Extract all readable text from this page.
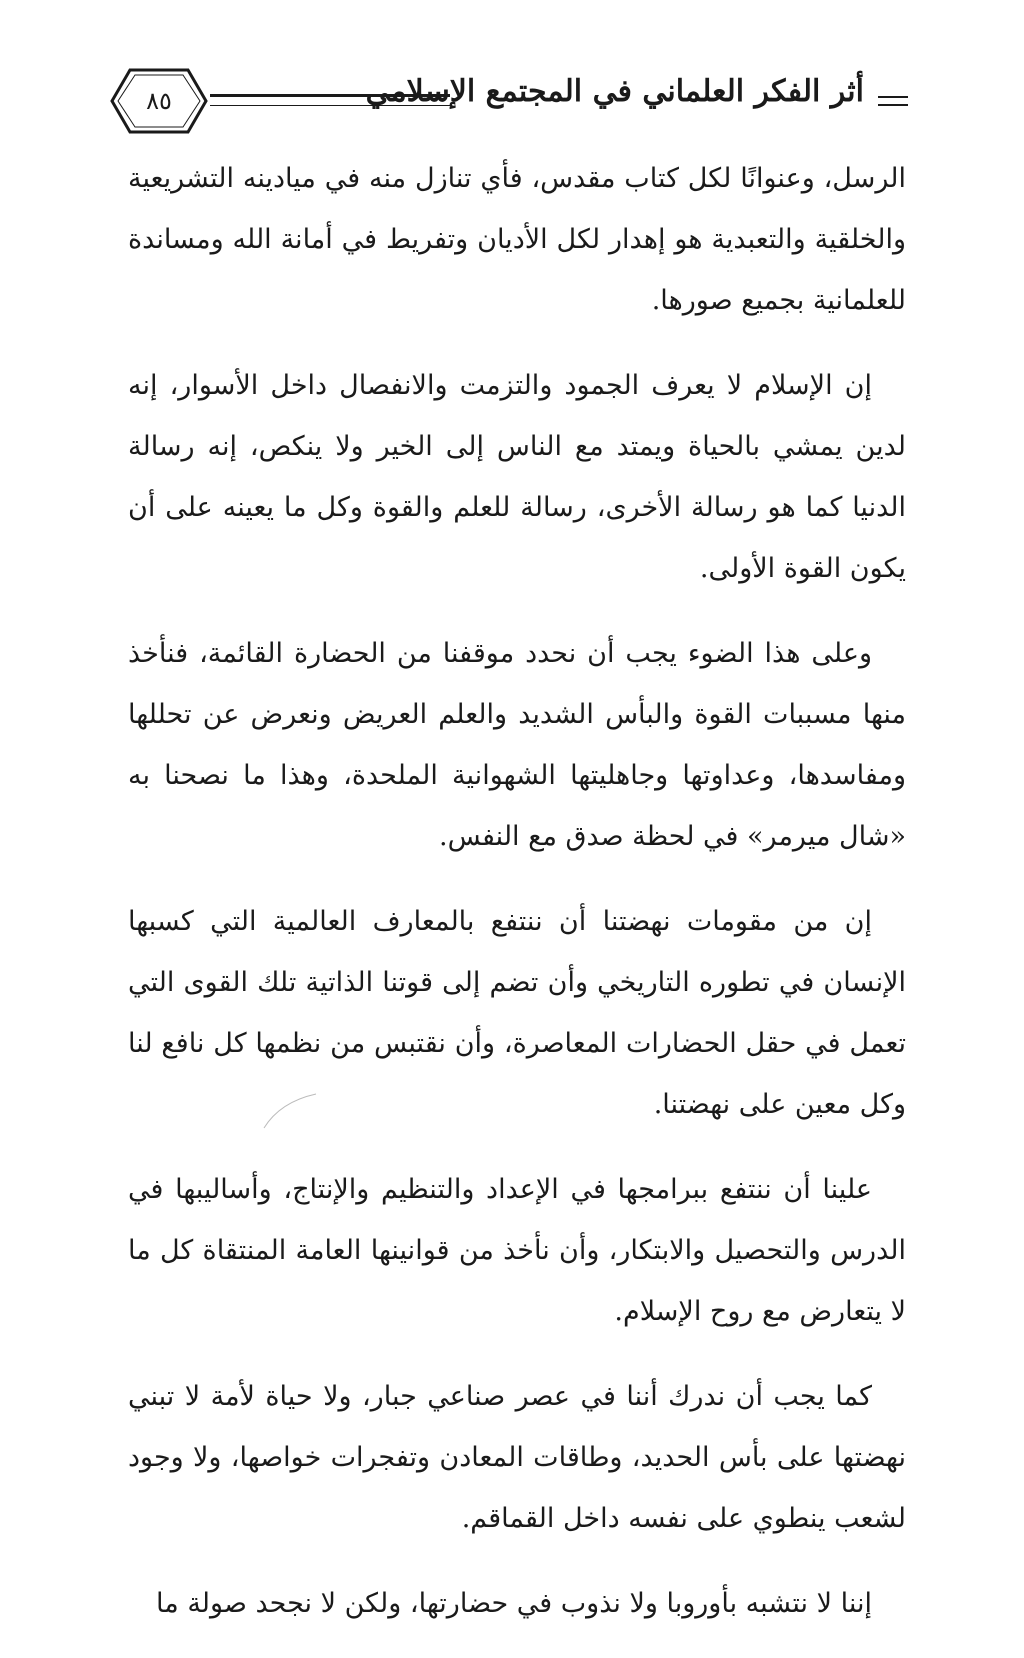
أثر الفكر العلماني في المجتمع الإسلامي
٨٥

الرسل، وعنوانًا لكل كتاب مقدس، فأي تنازل منه في ميادينه التشريعية والخلقية والتعبدية هو إهدار لكل الأديان وتفريط في أمانة الله ومساندة للعلمانية بجميع صورها.

إن الإسلام لا يعرف الجمود والتزمت والانفصال داخل الأسوار، إنه لدين يمشي بالحياة ويمتد مع الناس إلى الخير ولا ينكص، إنه رسالة الدنيا كما هو رسالة الأخرى، رسالة للعلم والقوة وكل ما يعينه على أن يكون القوة الأولى.

وعلى هذا الضوء يجب أن نحدد موقفنا من الحضارة القائمة، فنأخذ منها مسببات القوة والبأس الشديد والعلم العريض ونعرض عن تحللها ومفاسدها، وعداوتها وجاهليتها الشهوانية الملحدة، وهذا ما نصحنا به «شال ميرمر» في لحظة صدق مع النفس.

إن من مقومات نهضتنا أن ننتفع بالمعارف العالمية التي كسبها الإنسان في تطوره التاريخي وأن تضم إلى قوتنا الذاتية تلك القوى التي تعمل في حقل الحضارات المعاصرة، وأن نقتبس من نظمها كل نافع لنا وكل معين على نهضتنا.

علينا أن ننتفع ببرامجها في الإعداد والتنظيم والإنتاج، وأساليبها في الدرس والتحصيل والابتكار، وأن نأخذ من قوانينها العامة المنتقاة كل ما لا يتعارض مع روح الإسلام.

كما يجب أن ندرك أننا في عصر صناعي جبار، ولا حياة لأمة لا تبني نهضتها على بأس الحديد، وطاقات المعادن وتفجرات خواصها، ولا وجود لشعب ينطوي على نفسه داخل القماقم.

إننا لا نتشبه بأوروبا ولا نذوب في حضارتها، ولكن لا نجحد صولة ما
